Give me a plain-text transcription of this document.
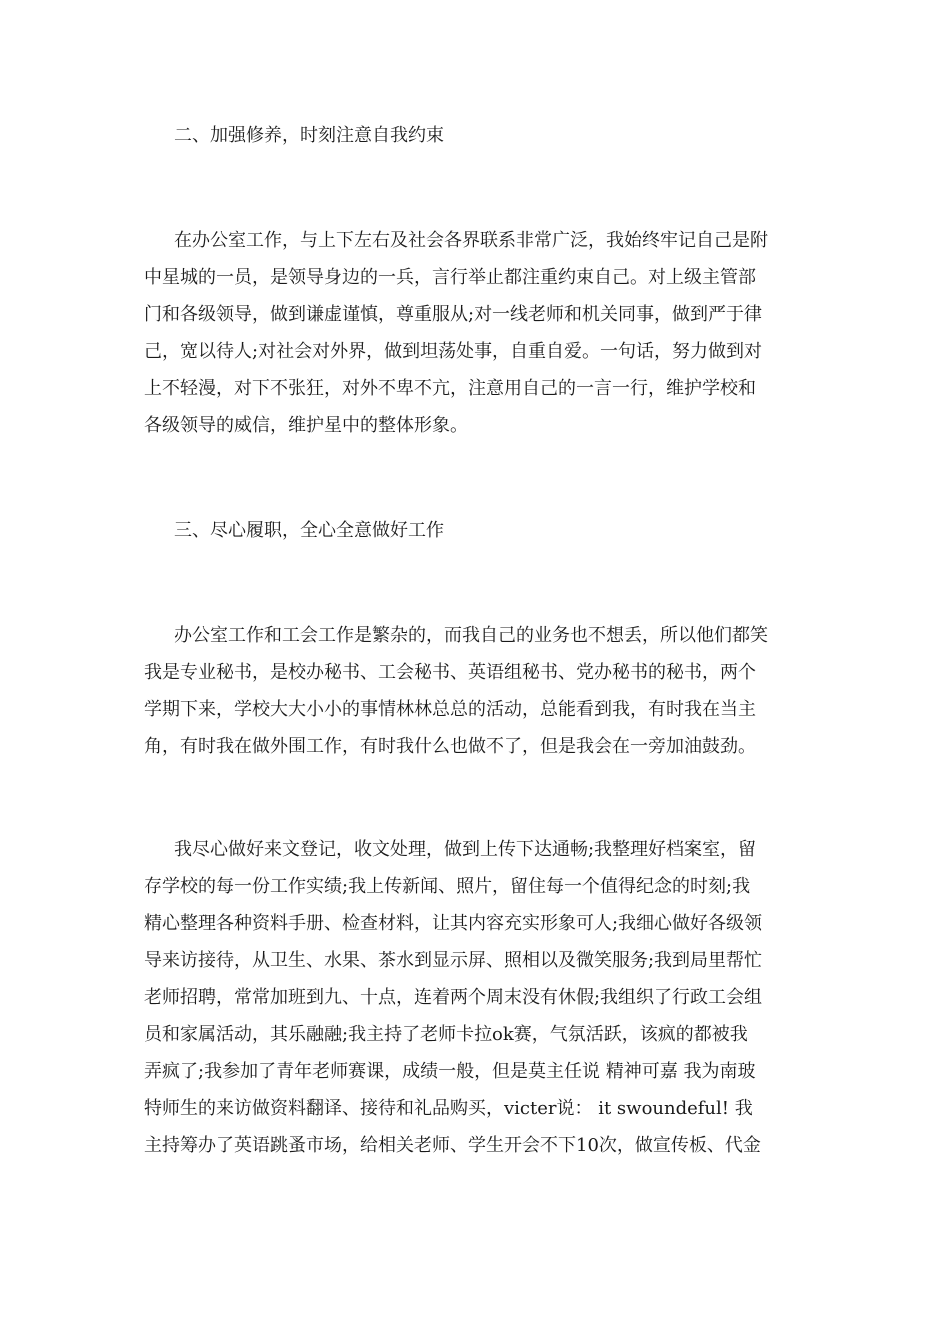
二、加强修养，时刻注意自我约束
在办公室工作，与上下左右及社会各界联系非常广泛，我始终牢记自己是附
中星城的一员，是领导身边的一兵，言行举止都注重约束自己。对上级主管部
门和各级领导，做到谦虚谨慎，尊重服从;对一线老师和机关同事，做到严于律
己，宽以待人;对社会对外界，做到坦荡处事，自重自爱。一句话，努力做到对
上不轻漫，对下不张狂，对外不卑不亢，注意用自己的一言一行，维护学校和
各级领导的威信，维护星中的整体形象。
三、尽心履职，全心全意做好工作
办公室工作和工会工作是繁杂的，而我自己的业务也不想丢，所以他们都笑
我是专业秘书，是校办秘书、工会秘书、英语组秘书、党办秘书的秘书，两个
学期下来，学校大大小小的事情林林总总的活动，总能看到我，有时我在当主
角，有时我在做外围工作，有时我什么也做不了，但是我会在一旁加油鼓劲。
我尽心做好来文登记，收文处理，做到上传下达通畅;我整理好档案室，留
存学校的每一份工作实绩;我上传新闻、照片，留住每一个值得纪念的时刻;我
精心整理各种资料手册、检查材料，让其内容充实形象可人;我细心做好各级领
导来访接待，从卫生、水果、茶水到显示屏、照相以及微笑服务;我到局里帮忙
老师招聘，常常加班到九、十点，连着两个周末没有休假;我组织了行政工会组
员和家属活动，其乐融融;我主持了老师卡拉ok赛，气氛活跃，该疯的都被我
弄疯了;我参加了青年老师赛课，成绩一般，但是莫主任说 精神可嘉 我为南玻
特师生的来访做资料翻译、接待和礼品购买，victer说： it swoundeful! 我
主持筹办了英语跳蚤市场，给相关老师、学生开会不下10次，做宣传板、代金
